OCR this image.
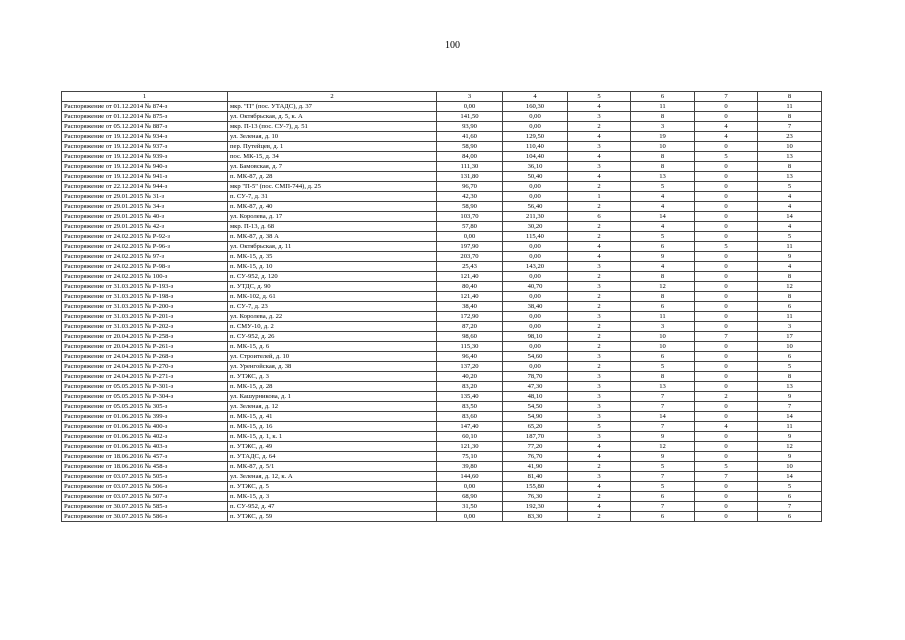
100
1	2	3	4	5	6	7	8
Распоряжение от 01.12.2014 № 874-з	мкр. "П" (пос. УТАДС), д. 37	0,00	160,30	4	11	0	11
Распоряжение от 01.12.2014 № 875-з	ул. Октябрьская, д. 5, к. А	141,50	0,00	3	8	0	8
Распоряжение от 05.12.2014 № 887-з	мкр. П-13 (пос. СУ-7), д. 51	93,90	0,00	2	3	4	7
Распоряжение от 19.12.2014 № 934-з	ул. Зеленая, д. 10	41,60	129,50	4	19	4	23
Распоряжение от 19.12.2014 № 937-з	пер. Путейцев, д. 1	58,90	110,40	3	10	0	10
Распоряжение от 19.12.2014 № 939-з	пос. МК-15, д. 34	84,00	104,40	4	8	5	13
Распоряжение от 19.12.2014 № 940-з	ул. Бамовская, д. 7	111,30	36,10	3	8	0	8
Распоряжение от 19.12.2014 № 941-з	п. МК-87, д. 28	131,80	50,40	4	13	0	13
Распоряжение от 22.12.2014 № 944-з	мкр "П-5" (пос. СМП-744), д. 25	96,70	0,00	2	5	0	5
Распоряжение от 29.01.2015 № 31-з	п. СУ-7, д. 31	42,30	0,00	1	4	0	4
Распоряжение от 29.01.2015 № 34-з	п. МК-87, д. 40	58,90	56,40	2	4	0	4
Распоряжение от 29.01.2015 № 40-з	ул. Королева, д. 17	103,70	211,30	6	14	0	14
Распоряжение от 29.01.2015 № 42-з	мкр. П-13, д. 68	57,80	30,20	2	4	0	4
Распоряжение от 24.02.2015 № Р-92-з	п. МК-87, д. 38 А	0,00	115,40	2	5	0	5
Распоряжение от 24.02.2015 № Р-96-з	ул. Октябрьская, д. 11	197,90	0,00	4	6	5	11
Распоряжение от 24.02.2015 № 97-з	п. МК-15, д. 35	203,70	0,00	4	9	0	9
Распоряжение от 24.02.2015 № Р-98-з	п. МК-15, д. 10	25,43	143,20	3	4	0	4
Распоряжение от 24.02.2015 № 100-з	п. СУ-952, д. 120	121,40	0,00	2	8	0	8
Распоряжение от 31.03.2015 № Р-193-з	п. УТДС, д. 90	80,40	40,70	3	12	0	12
Распоряжение от 31.03.2015 № Р-198-з	п. МК-102, д. 61	121,40	0,00	2	8	0	8
Распоряжение от 31.03.2015 № Р-200-з	п. СУ-7, д. 23	38,40	38,40	2	6	0	6
Распоряжение от 31.03.2015 № Р-201-з	ул. Королева, д. 22	172,90	0,00	3	11	0	11
Распоряжение от 31.03.2015 № Р-202-з	п. СМУ-10, д. 2	87,20	0,00	2	3	0	3
Распоряжение от 20.04.2015 № Р-258-з	п. СУ-952, д. 26	98,60	98,10	2	10	7	17
Распоряжение от 20.04.2015 № Р-261-з	п. МК-15, д. 6	115,30	0,00	2	10	0	10
Распоряжение от 24.04.2015 № Р-268-з	ул. Строителей, д. 10	96,40	54,60	3	6	0	6
Распоряжение от 24.04.2015 № Р-270-з	ул. Уренгойская, д. 38	137,20	0,00	2	5	0	5
Распоряжение от 24.04.2015 № Р-271-з	п. УТЖС, д. 3	40,20	78,70	3	8	0	8
Распоряжение от 05.05.2015 № Р-301-з	п. МК-15, д. 28	83,20	47,30	3	13	0	13
Распоряжение от 05.05.2015 № Р-304-з	ул. Кашурникова, д. 1	135,40	48,10	3	7	2	9
Распоряжение от 05.05.2015 № 305-з	ул. Зеленая, д. 12	83,50	54,50	3	7	0	7
Распоряжение от 01.06.2015 № 399-з	п. МК-15, д. 41	83,60	54,90	3	14	0	14
Распоряжение от 01.06.2015 № 400-з	п. МК-15, д. 16	147,40	65,20	5	7	4	11
Распоряжение от 01.06.2015 № 402-з	п. МК-15, д. 1, к. 1	60,10	187,70	3	9	0	9
Распоряжение от 01.06.2015 № 403-з	п. УТЖС, д. 49	121,30	77,20	4	12	0	12
Распоряжение от 18.06.2016 № 457-з	п. УТАДС, д. 64	75,10	76,70	4	9	0	9
Распоряжение от 18.06.2016 № 458-з	п. МК-87, д. 5/1	39,80	41,90	2	5	5	10
Распоряжение от 03.07.2015 № 505-з	ул. Зеленая, д. 12, к. А	144,60	81,40	3	7	7	14
Распоряжение от 03.07.2015 № 506-з	п. УТЖС, д. 5	0,00	155,80	4	5	0	5
Распоряжение от 03.07.2015 № 507-з	п. МК-15, д. 3	68,90	76,30	2	6	0	6
Распоряжение от 30.07.2015 № 585-з	п. СУ-952, д. 47	31,50	192,30	4	7	0	7
Распоряжение от 30.07.2015 № 586-з	п. УТЖС, д. 59	0,00	83,30	2	6	0	6
